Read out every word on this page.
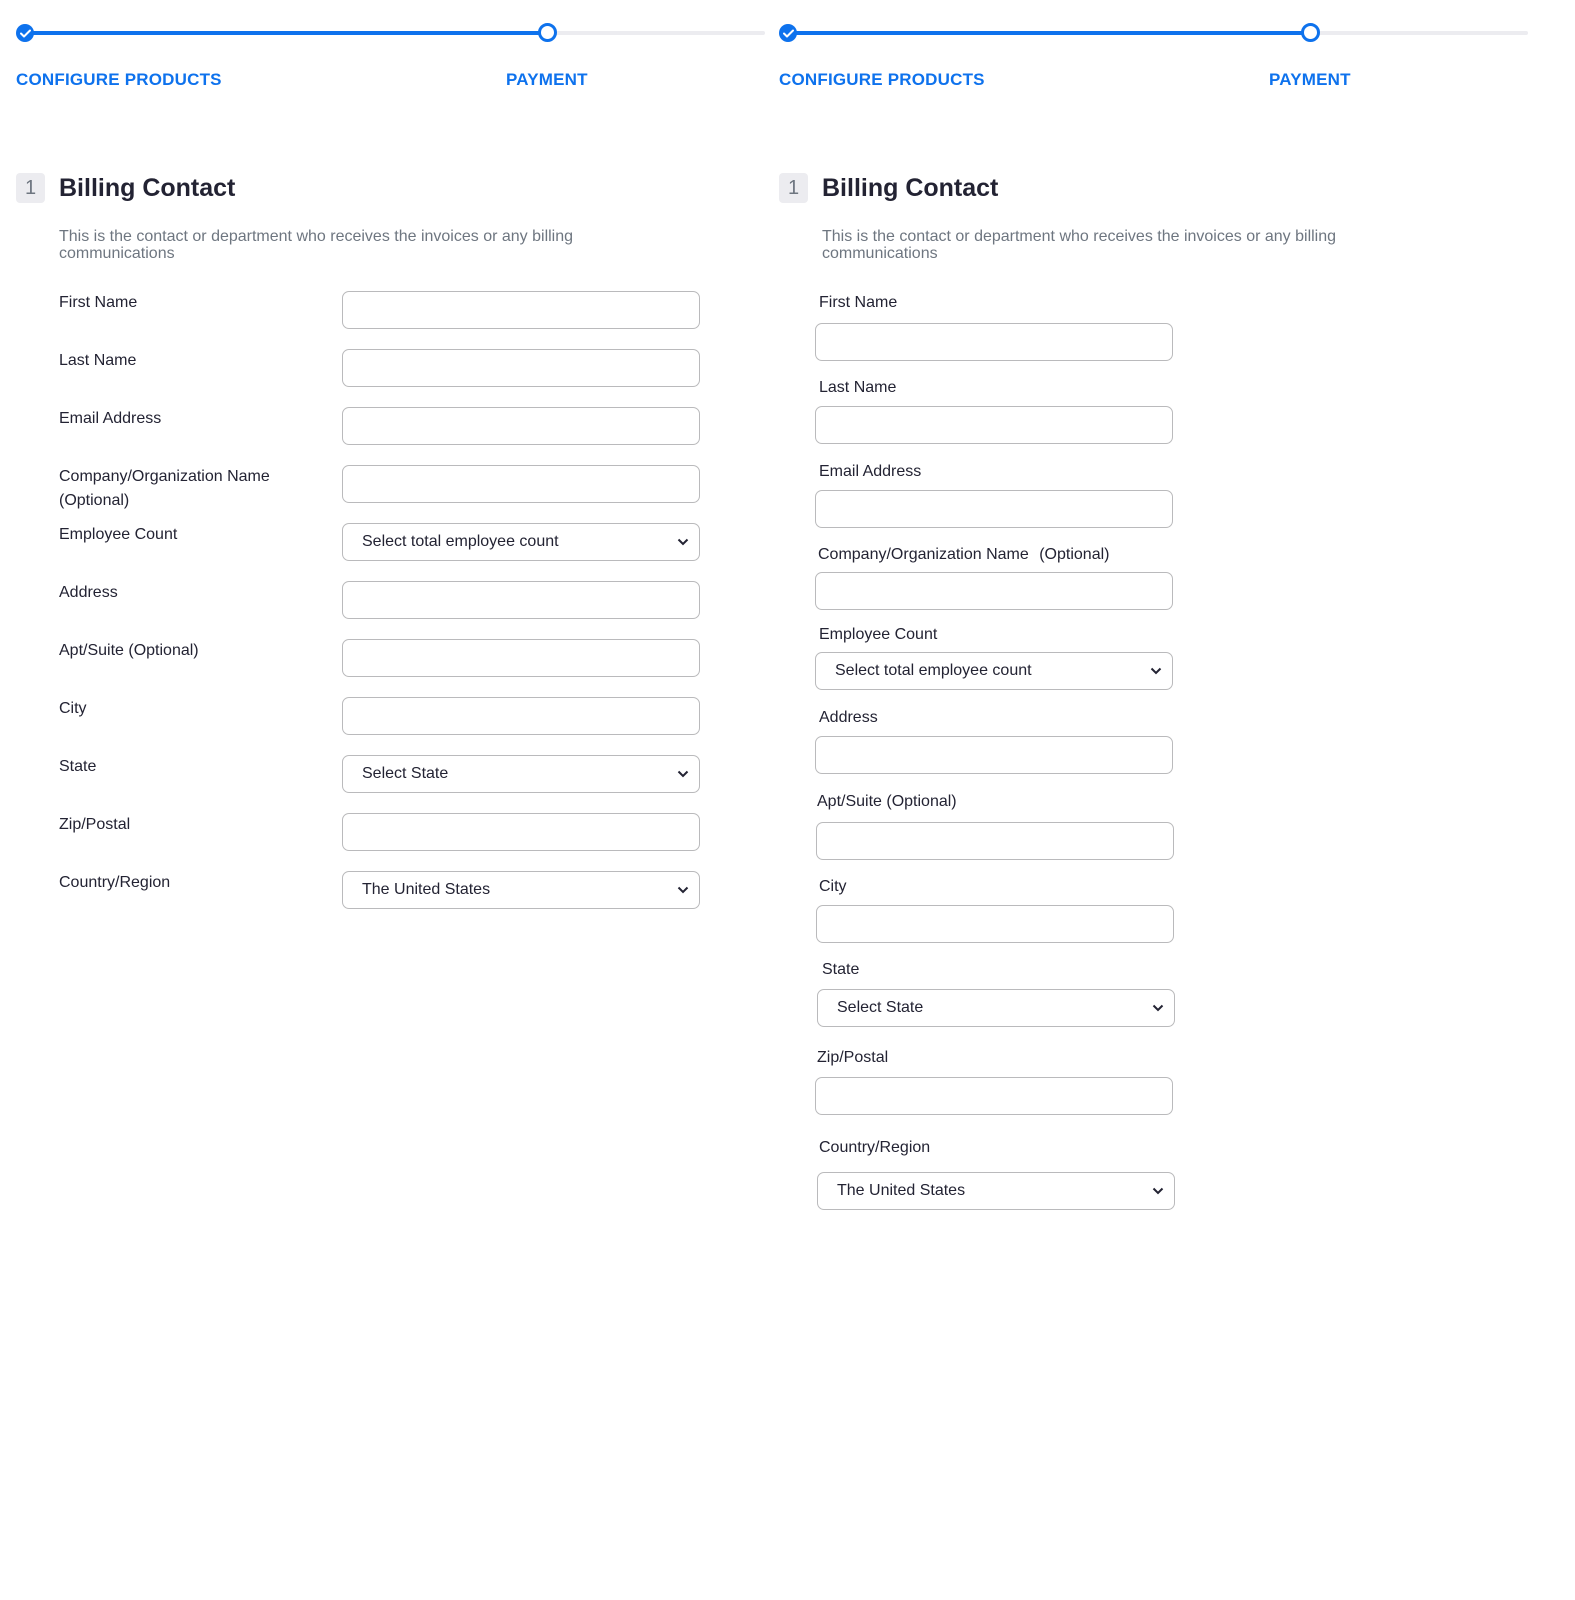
CONFIGURE PRODUCTS	PAYMENT
1 Billing Contact
This is the contact or department who receives the invoices or any billing communications
First Name
Last Name
Email Address
Company/Organization Name
(Optional)
Employee Count	Select total employee count
Address
Apt/Suite (Optional)
City
State	Select State
Zip/Postal
Country/Region	The United States
CONFIGURE PRODUCTS	PAYMENT
1 Billing Contact
This is the contact or department who receives the invoices or any billing communications
First Name
Last Name
Email Address
Company/Organization Name (Optional)
Employee Count
Select total employee count
Address
Apt/Suite (Optional)
City
State
Select State
Zip/Postal
Country/Region
The United States
